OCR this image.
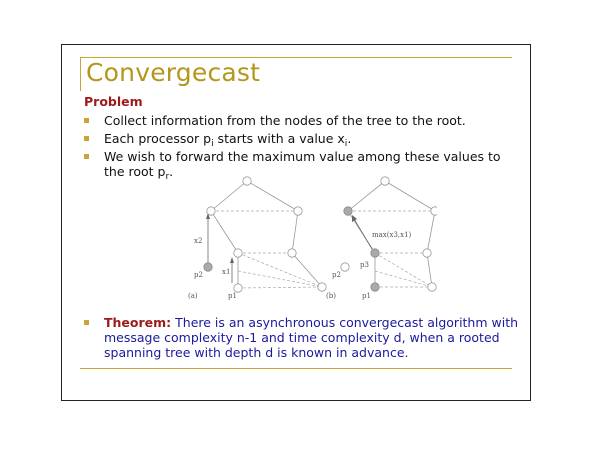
Convergecast
Problem
Collect information from the nodes of the tree to the root.
Each processor $p_i$ starts with a value $x_i$.
We wish to forward the maximum value among these values to
the root $p_r$.
x2
p2	x1
p1
(a)
max(x3,x1)
p2
p3
p1
(b)
Theorem: There is an asynchronous convergecast algorithm with message complexity n-1 and time complexity d, when a rooted spanning tree with depth d is known in advance.
